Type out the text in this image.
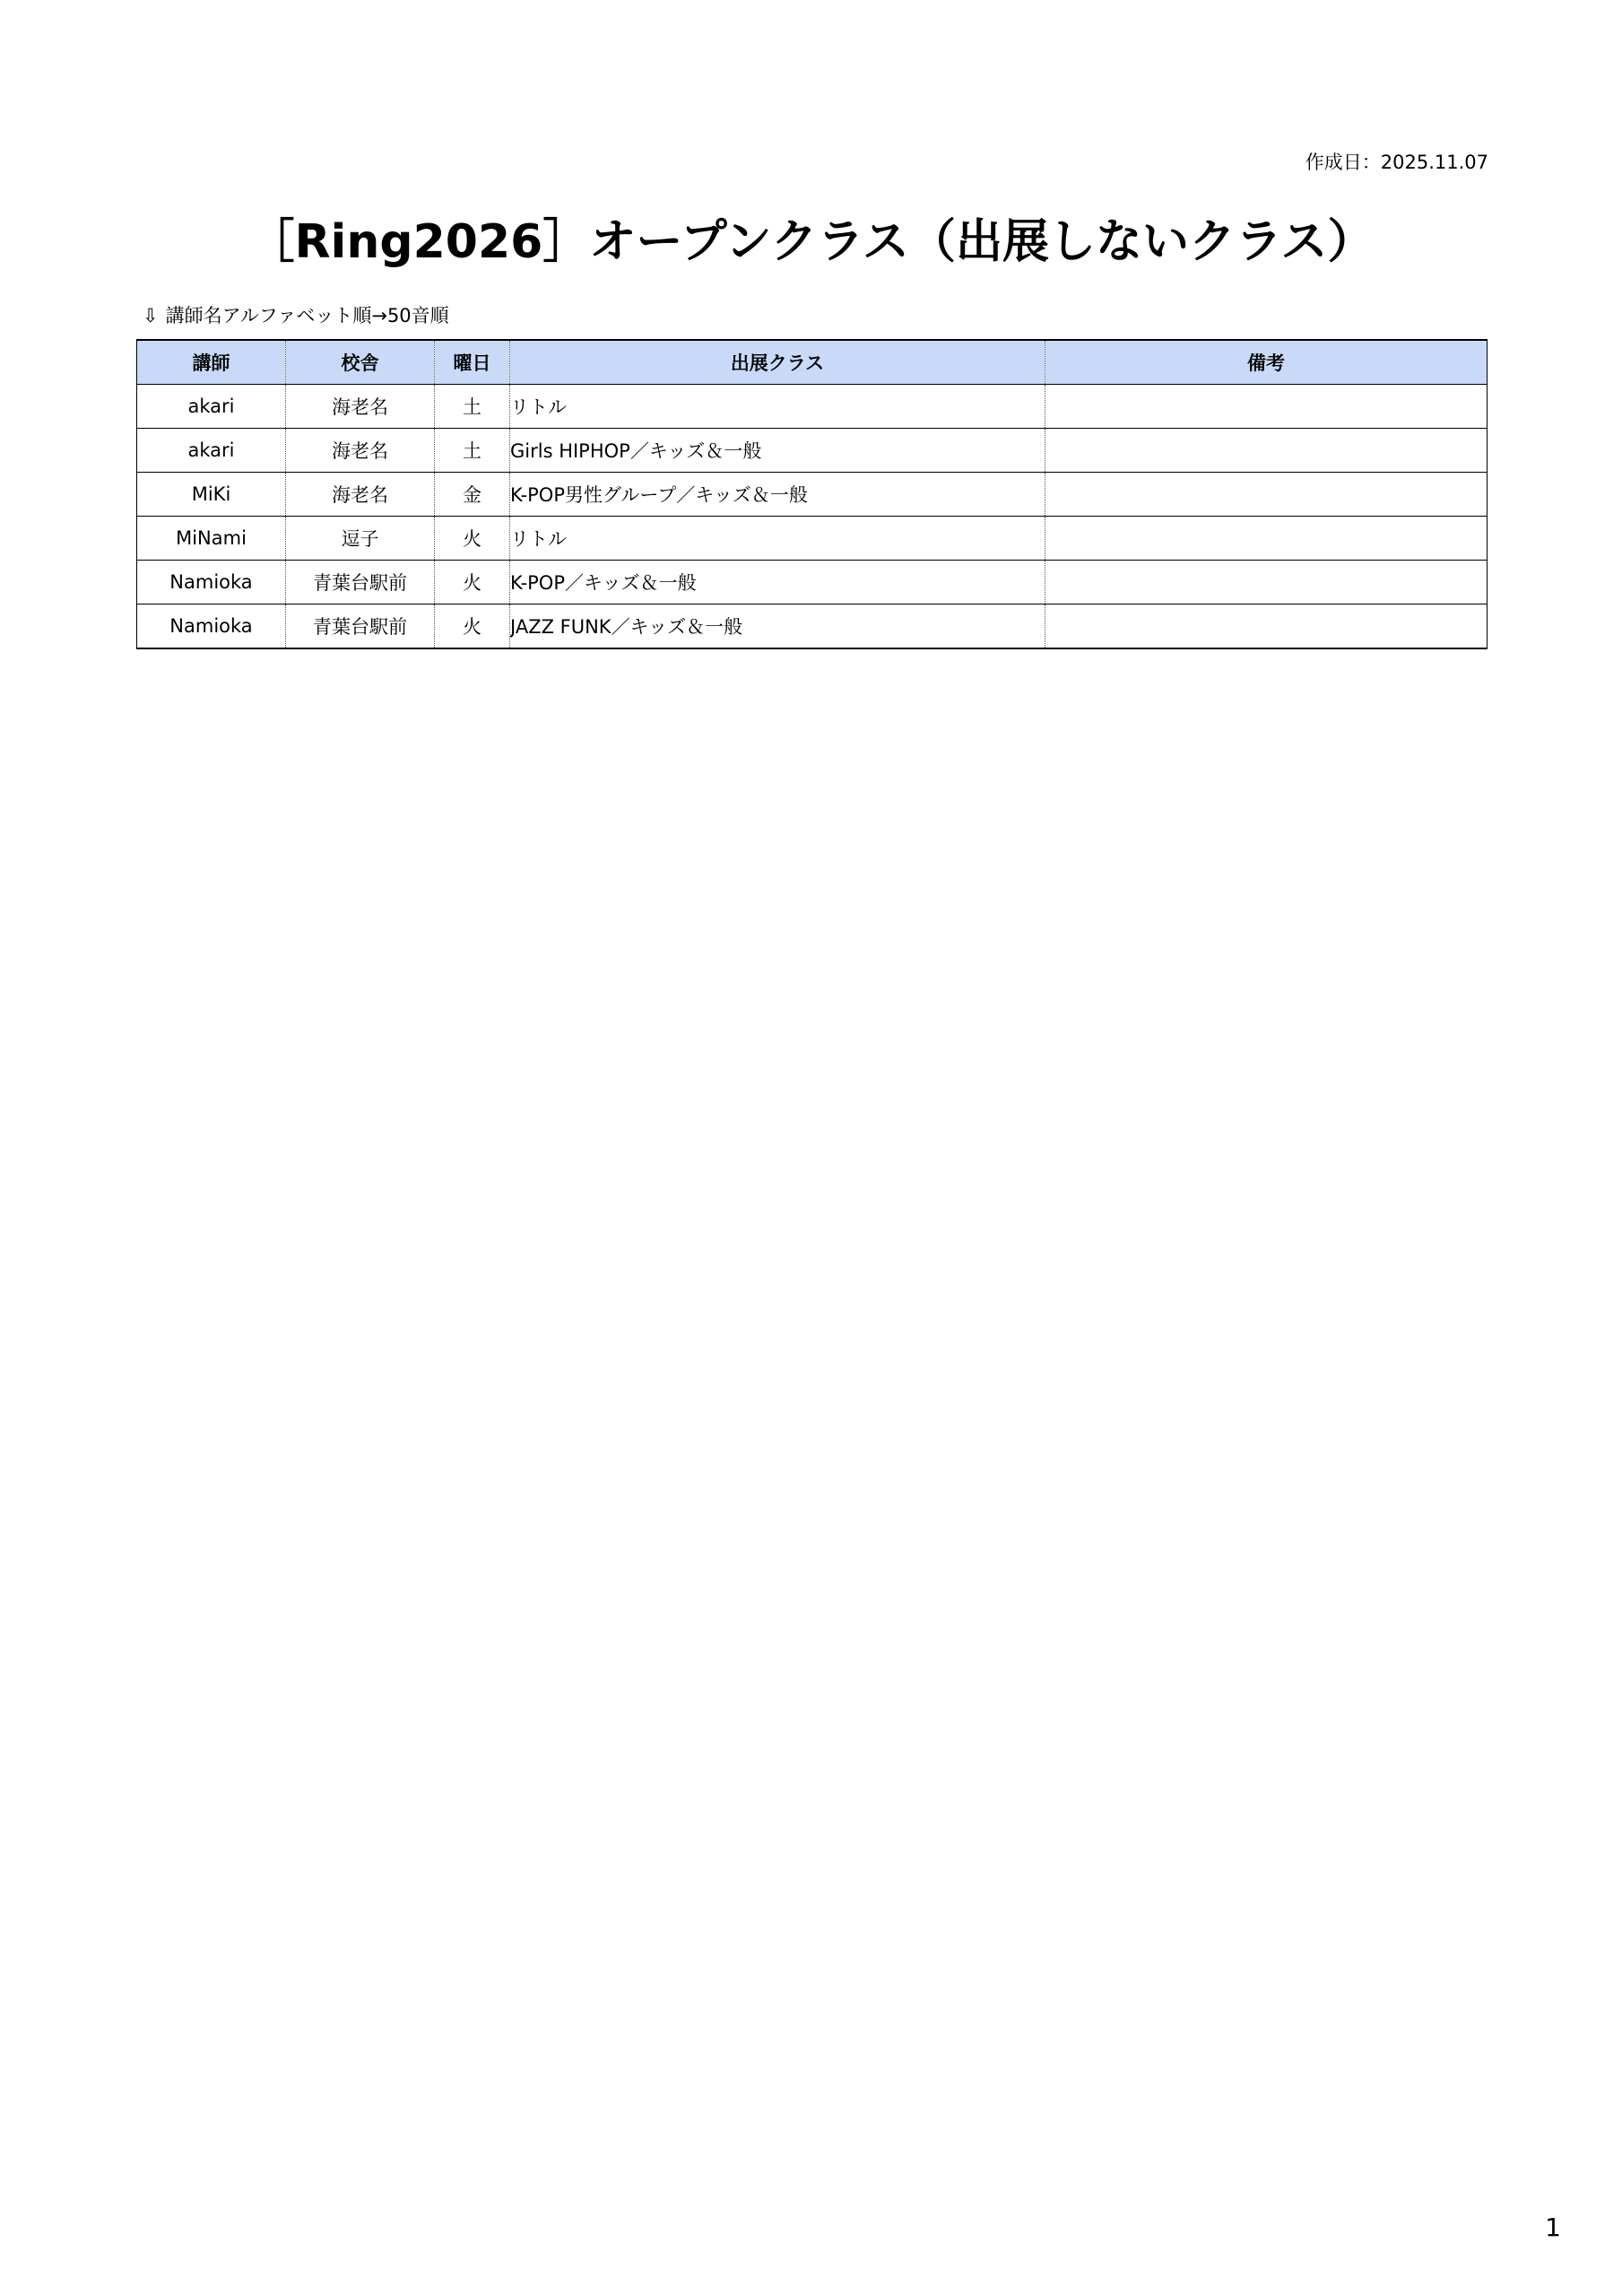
作成日：2025.11.07
［Ring2026］オープンクラス（出展しないクラス）
⇩ 講師名アルファベット順→50音順
講師	校舎	曜日	出展クラス	備考
akari	海老名	土	リトル	
akari	海老名	土	Girls HIPHOP／キッズ＆一般	
MiKi	海老名	金	K-POP男性グループ／キッズ＆一般	
MiNami	逗子	火	リトル	
Namioka	青葉台駅前	火	K-POP／キッズ＆一般	
Namioka	青葉台駅前	火	JAZZ FUNK／キッズ＆一般	
1
